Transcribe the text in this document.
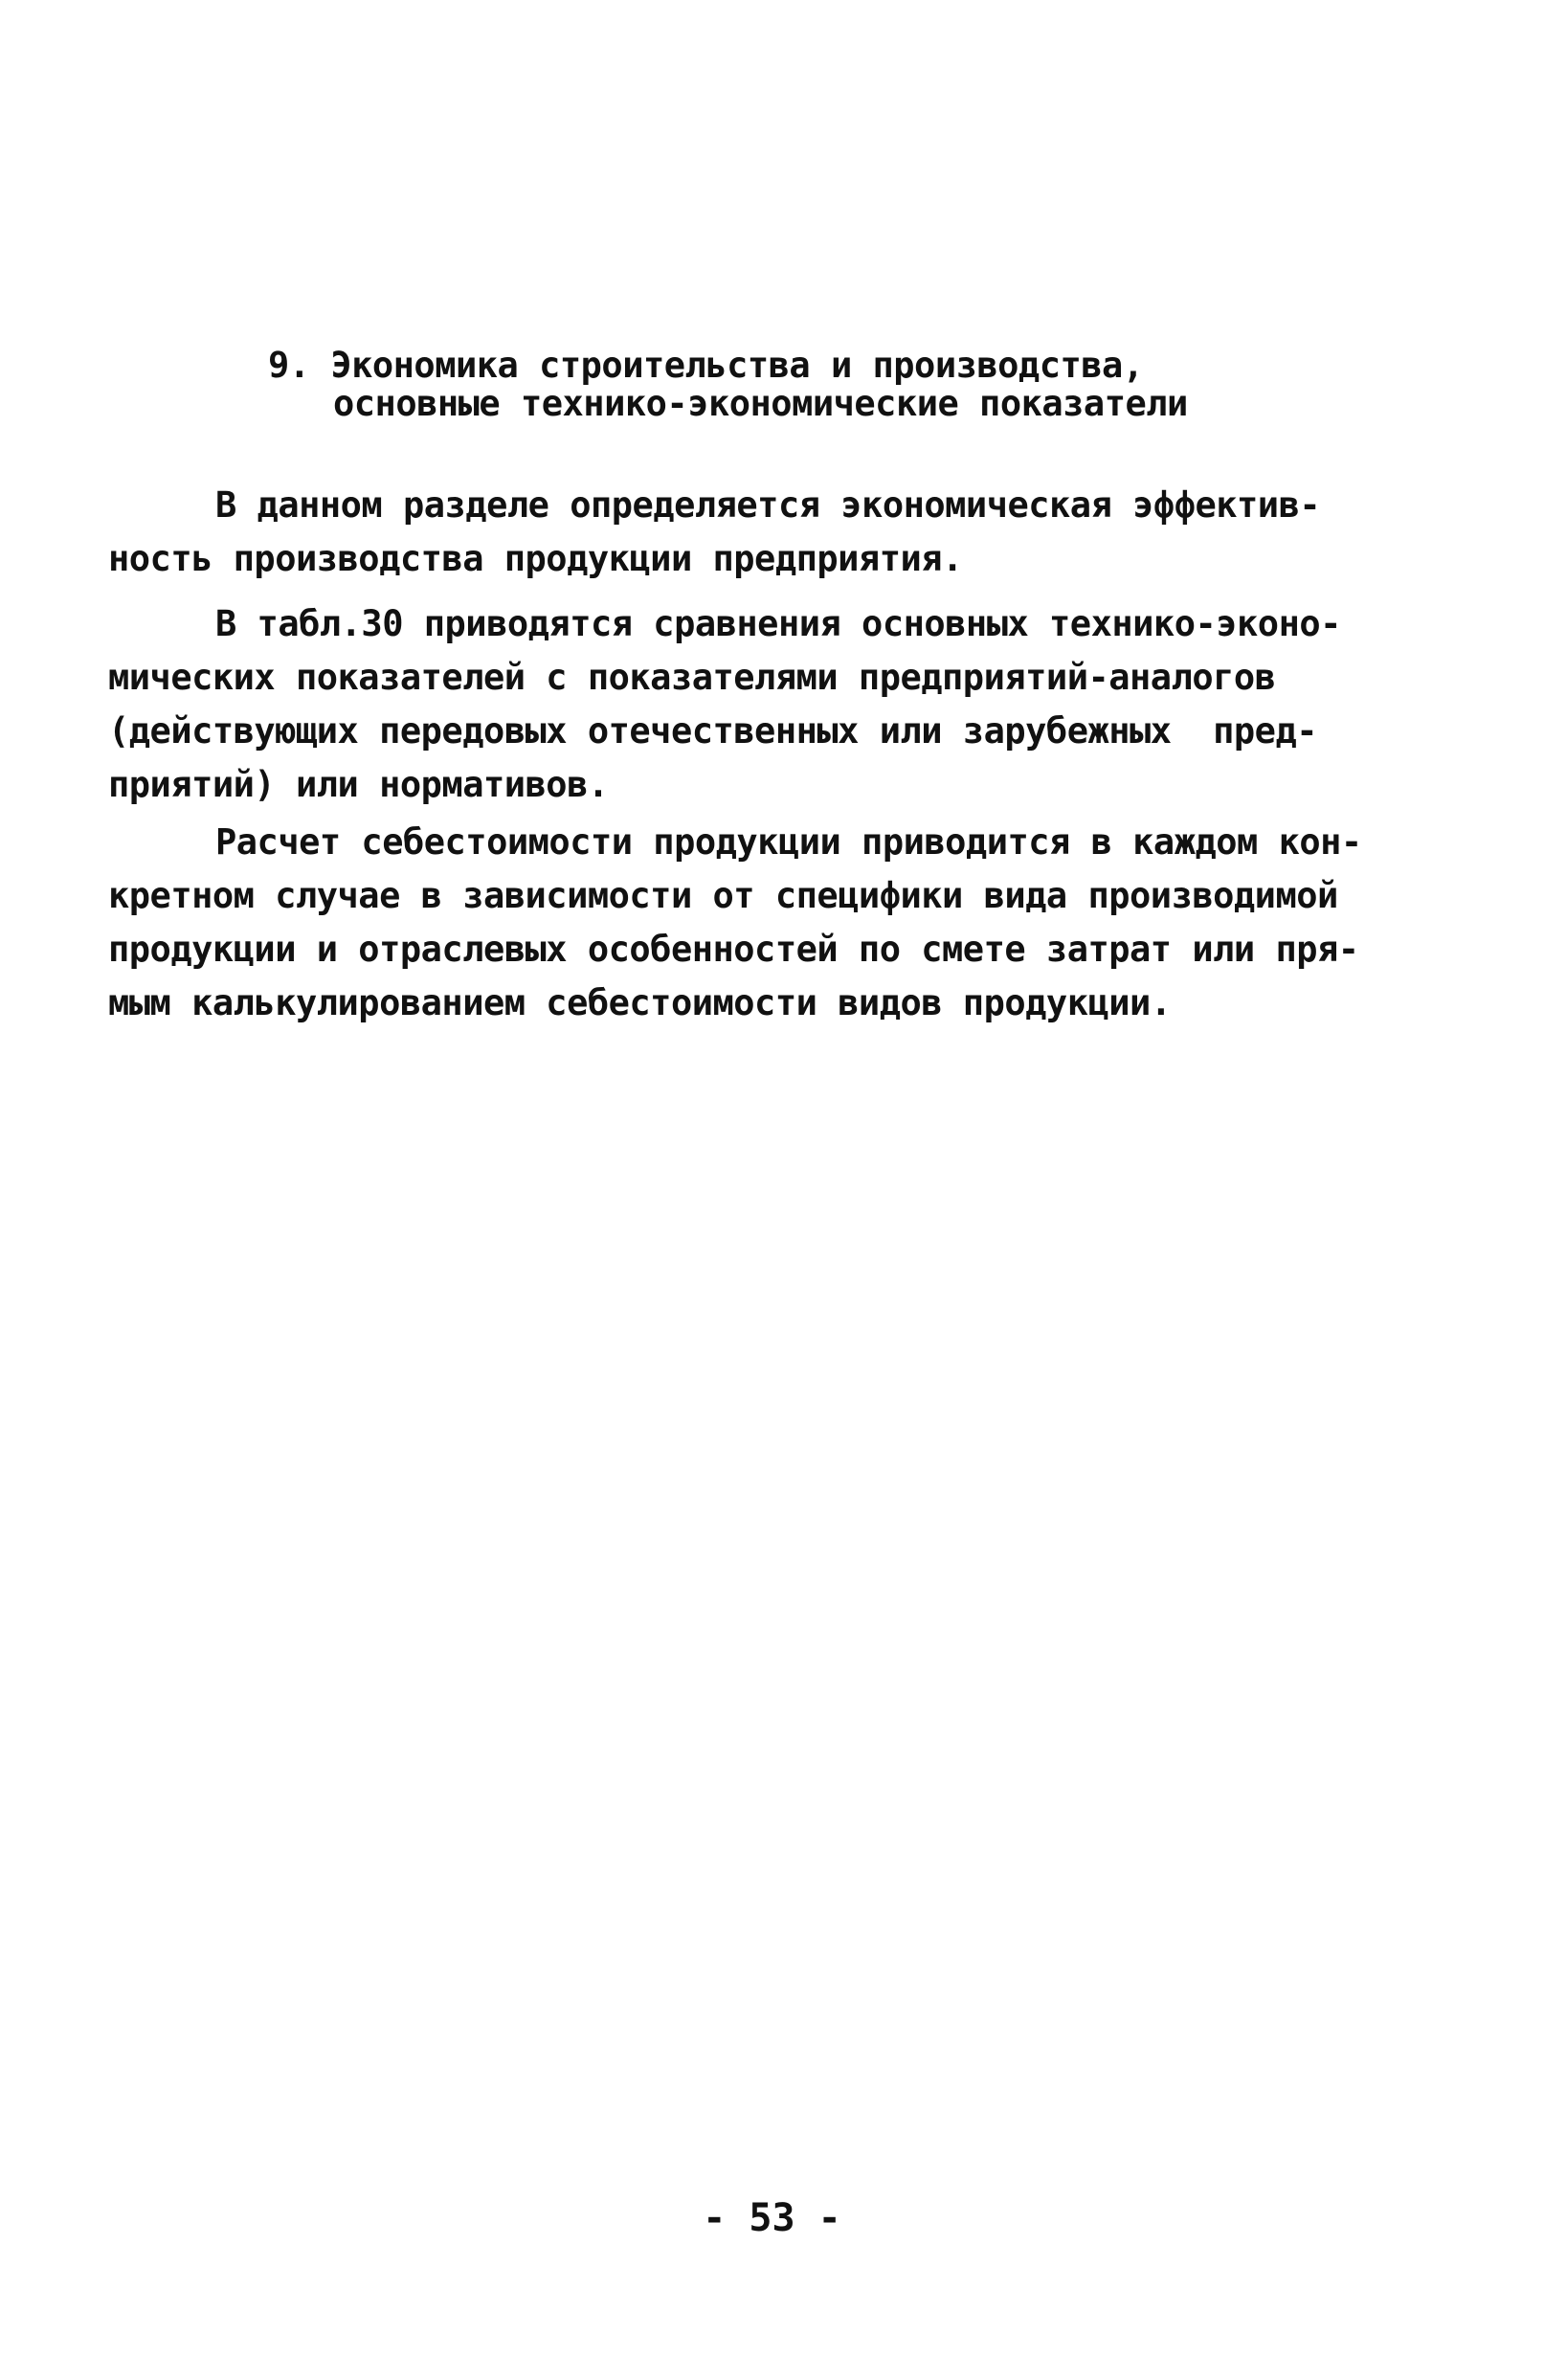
9. Экономика строительства и производства,
основные технико-экономические показатели
В данном разделе определяется экономическая эффектив-
ность производства продукции предприятия.
В табл.30 приводятся сравнения основных технико-эконо-
мических показателей с показателями предприятий-аналогов
(действующих передовых отечественных или зарубежных  пред-
приятий) или нормативов.
Расчет себестоимости продукции приводится в каждом кон-
кретном случае в зависимости от специфики вида производимой
продукции и отраслевых особенностей по смете затрат или пря-
мым калькулированием себестоимости видов продукции.
- 53 -
